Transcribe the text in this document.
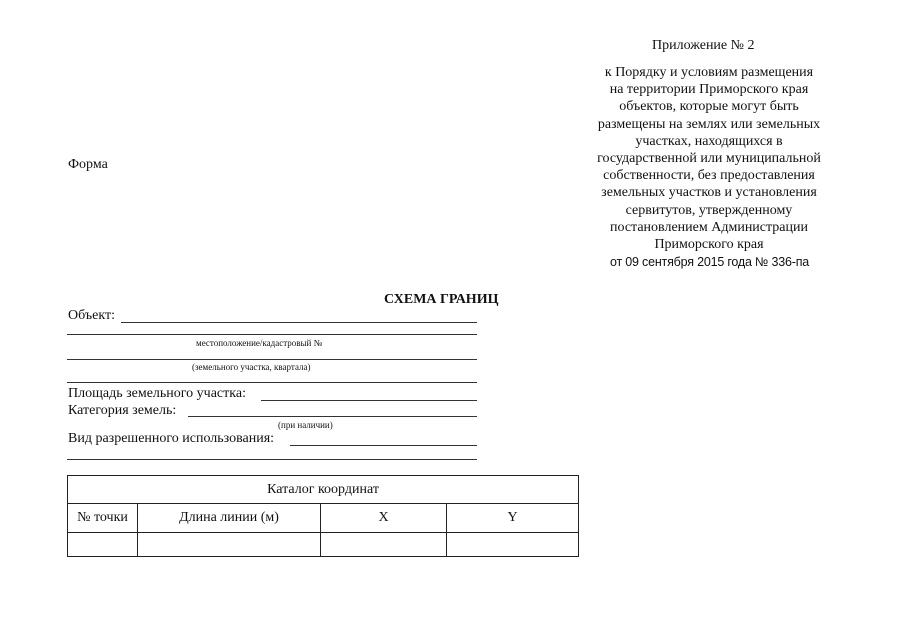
Приложение № 2
к Порядку и условиям размещения
на территории Приморского края
объектов, которые могут быть
размещены на землях или земельных
участках, находящихся в
государственной или муниципальной
собственности, без предоставления
земельных участков и установления
сервитутов, утвержденному
постановлением Администрации
Приморского края
от 09 сентября 2015 года № 336-па
Форма
СХЕМА ГРАНИЦ
Объект:
местоположение/кадастровый №
(земельного участка, квартала)
Площадь земельного участка:
Категория земель:
(при наличии)
Вид разрешенного использования:
Каталог координат			
№ точки	Длина линии (м)	X	Y
